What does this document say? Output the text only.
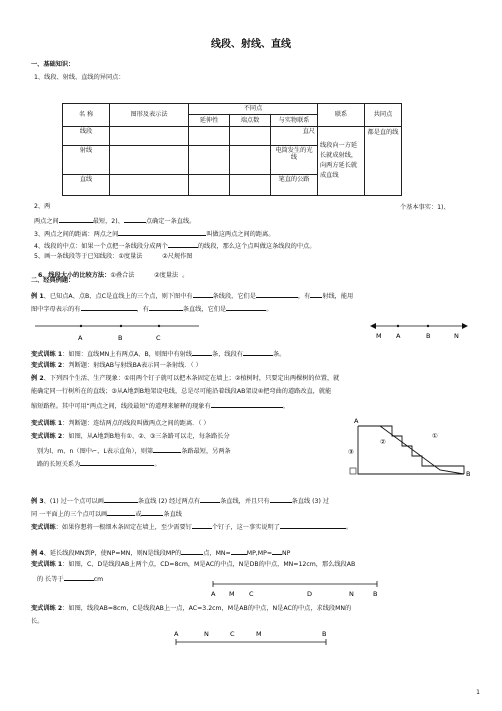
线段、射线、直线
一、基础知识：
1、线段、射线、直线的异同点：
名 称	图形及表示法	不同点			联系	共同点
		延伸性	端点数	与实物联系		
线段				直尺	线段向一方延长就成射线，向两方延长就成直线	都是直的线
射线				电筒发生的光线		
直线				笔直的公路		
2、两	个基本事实：1)、
两点之间	最短，2)、	点确定一条直线。
3、两点之间的距离：两点之间	叫做这两点之间的距离。
4、线段的中点：如果一个点把一条线段分成两个	的线段，那么这个点叫做这条线段的中点。
5、画一条线段等于已知线段：①度量法          ②尺规作图

6、线段大小的比较方法：①叠合法          ②度量法  。

二、经典例题：
例 1、已知点A、点B、点C是直线上的三个点，则下图中有	条线段，它们是	，有 射线，能用
图中字母表示的有	，有	条直线，它们是	。
A	B	C	M A	B	N
变式训练 1：如图：直线MN上有两点A、B，则图中有射线	条，线段有	条。
变式训练 2：判断题：射线AB与射线BA表示同一条射线．（ ）
例 2、下列四个生活、生产现象：①用两个钉子就可以把木条固定在墙上；②植树时，只要定出两棵树的位置，就
能确定同一行树所在的直线；③从A地到B地架设电线，总是尽可能沿着线段AB架设④把弯曲的道路改直，就能
缩短路程。其中可用“两点之间，线段最短”的道理来解释的现象有	。
变式训练 1：判断题：连结两点的线段叫做两点之间的距离．（ ）
变式训练 2：如图，从A地到B地有①、②、③三条路可以走，每条路长分
别为l、m、n（图中⌐、L表示直角），则第	条路最短，另两条
路的长短关系为	。
A
B
①
②
③
例 3、(1) 过一个点可以画	条直线 (2) 经过两点有	条直线，并且只有	条直线 (3) 过
同 一平面上的三个点可以画	或	条直线
变式训练：如果你想将一根细木条固定在墙上，至少需要钉	个钉子，这一事实说明了	。
例 4、延长线段MN到P，使NP=MN，则N是线段MP的	点，MN=	MP,MP= NP
变式训练 1：如图，C、D是线段AB上两个点，CD=8cm，M是AC的中点，N是DB的中点，MN=12cm，那么线段AB
的 长等于	cm
A M C	D	N	B
变式训练 2：如图，线段AB=8cm，C是线段AB上一点，AC=3.2cm，M是AB的中点，N是AC的中点，求线段MN的
长。
A	N	C	M	B
1
